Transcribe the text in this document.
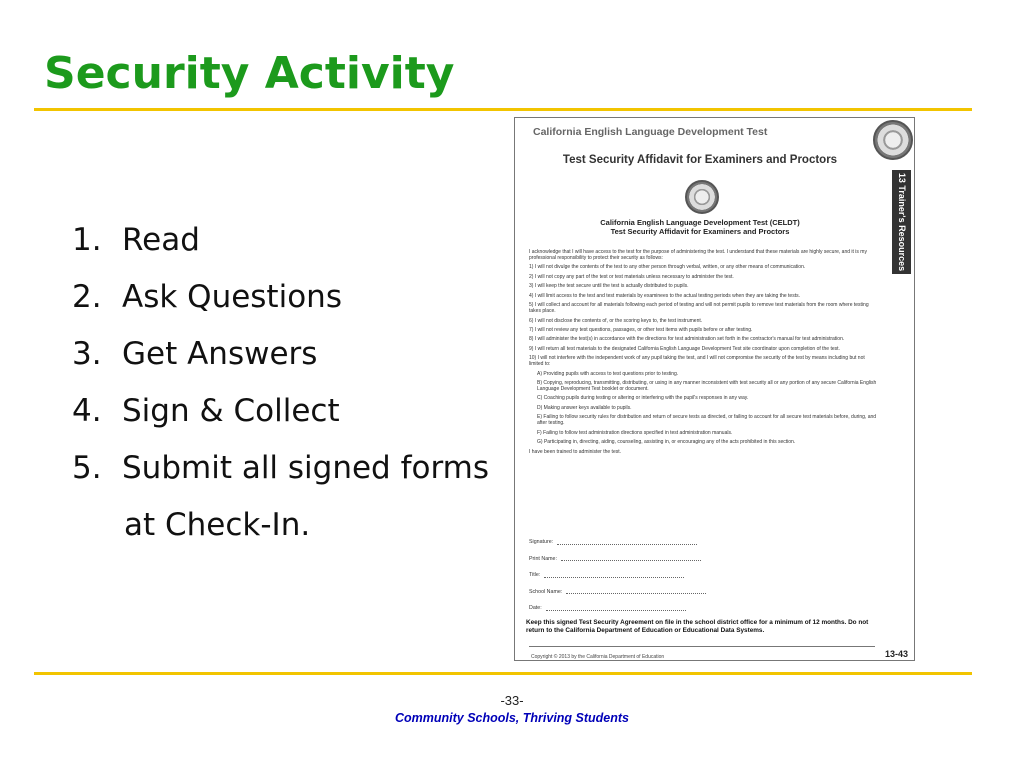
Security Activity
1. Read
2. Ask Questions
3. Get Answers
4. Sign & Collect
5. Submit all signed forms
at Check-In.
California English Language Development Test
Test Security Affidavit for Examiners and Proctors
13 Trainer's Resources
California English Language Development Test (CELDT)
Test Security Affidavit for Examiners and Proctors

I acknowledge that I will have access to the test for the purpose of administering the test. I understand that these materials are highly secure, and it is my professional responsibility to protect their security as follows:

1) I will not divulge the contents of the test to any other person through verbal, written, or any other means of communication.

2) I will not copy any part of the test or test materials unless necessary to administer the test.

3) I will keep the test secure until the test is actually distributed to pupils.

4) I will limit access to the test and test materials by examinees to the actual testing periods when they are taking the tests.

5) I will collect and account for all materials following each period of testing and will not permit pupils to remove test materials from the room where testing takes place.

6) I will not disclose the contents of, or the scoring keys to, the test instrument.

7) I will not review any test questions, passages, or other test items with pupils before or after testing.

8) I will administer the test(s) in accordance with the directions for test administration set forth in the contractor's manual for test administration.

9) I will return all test materials to the designated California English Language Development Test site coordinator upon completion of the test.

10) I will not interfere with the independent work of any pupil taking the test, and I will not compromise the security of the test by means including but not limited to:

A) Providing pupils with access to test questions prior to testing.

B) Copying, reproducing, transmitting, distributing, or using in any manner inconsistent with test security all or any portion of any secure California English Language Development Test booklet or document.

C) Coaching pupils during testing or altering or interfering with the pupil's responses in any way.

D) Making answer keys available to pupils.

E) Failing to follow security rules for distribution and return of secure tests as directed, or failing to account for all secure test materials before, during, and after testing.

F) Failing to follow test administration directions specified in test administration manuals.

G) Participating in, directing, aiding, counseling, assisting in, or encouraging any of the acts prohibited in this section.

I have been trained to administer the test.

Signature:
Print Name:
Title:
School Name:
Date:
Keep this signed Test Security Agreement on file in the school district office for a minimum of 12 months. Do not return to the California Department of Education or Educational Data Systems.
Copyright © 2013 by the California Department of Education	13-43
-33-
Community Schools, Thriving Students
